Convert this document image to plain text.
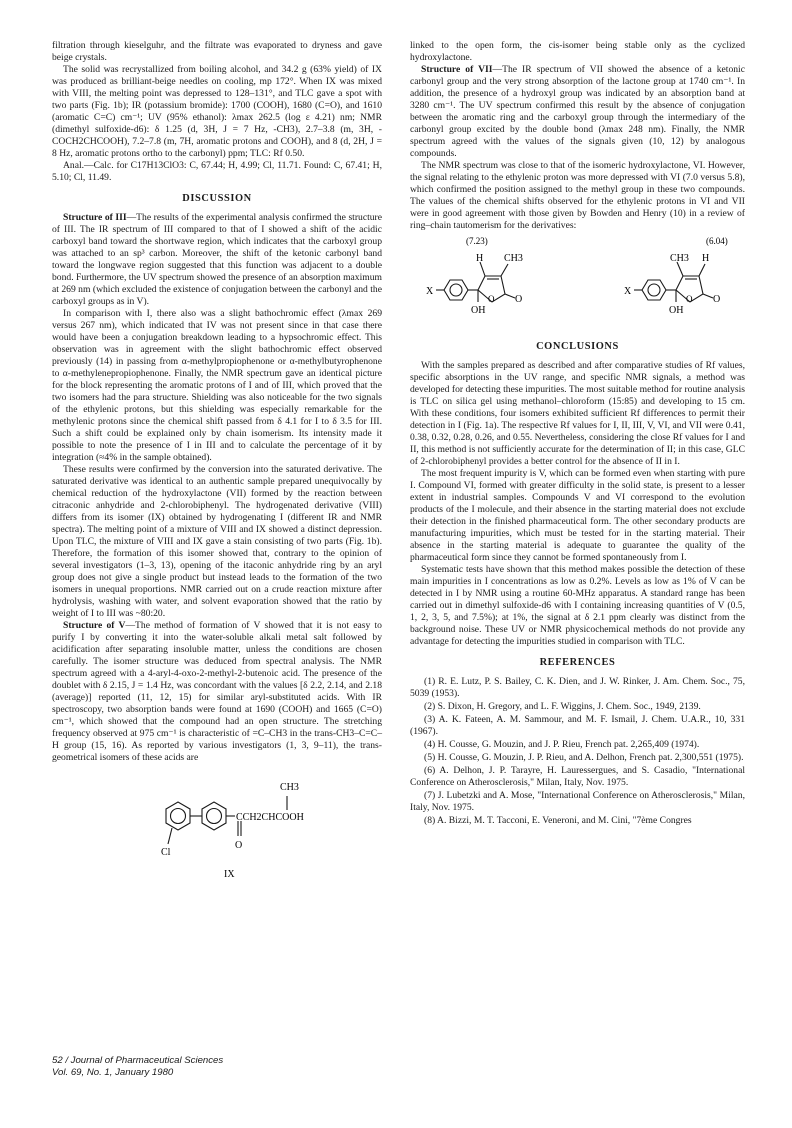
filtration through kieselguhr, and the filtrate was evaporated to dryness and gave beige crystals.

The solid was recrystallized from boiling alcohol, and 34.2 g (63% yield) of IX was produced as brilliant-beige needles on cooling, mp 172°. When IX was mixed with VIII, the melting point was depressed to 128–131°, and TLC gave a spot with two parts (Fig. 1b); IR (potassium bromide): 1700 (COOH), 1680 (C=O), and 1610 (aromatic C=C) cm⁻¹; UV (95% ethanol): λmax 262.5 (log ε 4.21) nm; NMR (dimethyl sulfoxide-d6): δ 1.25 (d, 3H, J = 7 Hz, -CH3), 2.7–3.8 (m, 3H, -COCH2CHCOOH), 7.2–7.8 (m, 7H, aromatic protons and COOH), and 8 (d, 2H, J = 8 Hz, aromatic protons ortho to the carbonyl) ppm; TLC: Rf 0.50.

Anal.—Calc. for C17H13ClO3: C, 67.44; H, 4.99; Cl, 11.71. Found: C, 67.41; H, 5.10; Cl, 11.49.

DISCUSSION

Structure of III—The results of the experimental analysis confirmed the structure of III. The IR spectrum of III compared to that of I showed a shift of the acidic carboxyl band toward the shortwave region, which indicates that the carboxyl group was attached to an sp³ carbon. Moreover, the shift of the ketonic carbonyl band toward the longwave region suggested that this function was adjacent to a double bond. Furthermore, the UV spectrum showed the presence of an absorption maximum at 269 nm (which excluded the existence of conjugation between the carbonyl and the carboxyl groups as in V).

In comparison with I, there also was a slight bathochromic effect (λmax 269 versus 267 nm), which indicated that IV was not present since in that case there would have been a conjugation breakdown leading to a hypsochromic effect. This observation was in agreement with the slight bathochromic effect observed previously (14) in passing from α-methylpropiophenone or α-methylbutyrophenone to α-methylenepropiophenone. Finally, the NMR spectrum gave an identical picture for the block representing the aromatic protons of I and of III, which proved that the two isomers had the para structure. Shielding was also noticeable for the two signals of the ethylenic protons, but this shielding was especially remarkable for the methylenic protons since the chemical shift passed from δ 4.1 for I to δ 3.5 for III. Such a shift could be explained only by chain isomerism. Its intensity made it possible to note the presence of I in III and to calculate the percentage of it by integration (≈4% in the sample obtained).

These results were confirmed by the conversion into the saturated derivative. The saturated derivative was identical to an authentic sample prepared unequivocally by chemical reduction of the hydroxylactone (VII) formed by the reaction between citraconic anhydride and 2-chlorobiphenyl. The hydrogenated derivative (VIII) differs from its isomer (IX) obtained by hydrogenating I (different IR and NMR spectra). The melting point of a mixture of VIII and IX showed a distinct depression. Upon TLC, the mixture of VIII and IX gave a stain consisting of two parts (Fig. 1b). Therefore, the formation of this isomer showed that, contrary to the opinion of several investigators (1–3, 13), opening of the itaconic anhydride ring by an aryl group does not give a single product but instead leads to the formation of the two isomers in unequal proportions. NMR carried out on a crude reaction mixture after hydrolysis, washing with water, and solvent evaporation showed that the ratio by weight of I to III was ~80:20.

Structure of V—The method of formation of V showed that it is not easy to purify I by converting it into the water-soluble alkali metal salt followed by acidification after separating insoluble matter, unless the conditions are chosen carefully. The isomer structure was deduced from spectral analysis. The NMR spectrum agreed with a 4-aryl-4-oxo-2-methyl-2-butenoic acid. The presence of the doublet with δ 2.15, J = 1.4 Hz, was concordant with the values [δ 2.2, 2.14, and 2.18 (average)] reported (11, 12, 15) for similar aryl-substituted acids. With IR spectroscopy, two absorption bands were found at 1690 (COOH) and 1665 (C=O) cm⁻¹, which showed that the compound had an open structure. The stretching frequency observed at 975 cm⁻¹ is characteristic of =C–CH3 in the trans-CH3–C=C–H group (15, 16). As reported by various investigators (1, 3, 9–11), the trans-geometrical isomers of these acids are

CH3
CCH2CHCOOH
O
Cl
IX

linked to the open form, the cis-isomer being stable only as the cyclized hydroxylactone.

Structure of VII—The IR spectrum of VII showed the absence of a ketonic carbonyl group and the very strong absorption of the lactone group at 1740 cm⁻¹. In addition, the presence of a hydroxyl group was indicated by an absorption band at 3280 cm⁻¹. The UV spectrum confirmed this result by the absence of conjugation between the aromatic ring and the carboxyl group through the intermediary of the carbonyl group excited by the double bond (λmax 248 nm). Finally, the NMR spectrum agreed with the values of the signals given (10, 12) by analogous compounds.

The NMR spectrum was close to that of the isomeric hydroxylactone, VI. However, the signal relating to the ethylenic proton was more depressed with VI (7.0 versus 5.8), which confirmed the position assigned to the methyl group in these two compounds. The values of the chemical shifts observed for the ethylenic protons in VI and VII were in good agreement with those given by Bowden and Henry (10) in a review of ring–chain tautomerism for the derivatives:

(7.23)	(6.04)
H CH3	CH3 H
X	X
O	O
O	O
OH	OH
CONCLUSIONS

With the samples prepared as described and after comparative studies of Rf values, specific absorptions in the UV range, and specific NMR signals, a method was developed for detecting these impurities. The most suitable method for routine analysis is TLC on silica gel using methanol–chloroform (15:85) and developing to 15 cm. With these conditions, four isomers exhibited sufficient Rf differences to permit their detection in I (Fig. 1a). The respective Rf values for I, II, III, V, VI, and VII were 0.41, 0.38, 0.32, 0.28, 0.26, and 0.55. Nevertheless, considering the close Rf values for I and II, this method is not sufficiently accurate for the determination of II; in this case, GLC of 2-chlorobiphenyl provides a better control for the absence of II in I.

The most frequent impurity is V, which can be formed even when starting with pure I. Compound VI, formed with greater difficulty in the solid state, is present to a lesser extent in industrial samples. Compounds V and VI correspond to the evolution products of the I molecule, and their absence in the starting material does not exclude their detection in the finished pharmaceutical form. The other secondary products are manufacturing impurities, which must be tested for in the starting material. Their absence in the starting material is adequate to guarantee the quality of the pharmaceutical form since they cannot be formed spontaneously from I.

Systematic tests have shown that this method makes possible the detection of these main impurities in I concentrations as low as 0.2%. Levels as low as 1% of V can be detected in I by NMR using a routine 60-MHz apparatus. A standard range has been carried out in dimethyl sulfoxide-d6 with I containing increasing quantities of V (0.5, 1, 2, 3, 5, and 7.5%); at 1%, the signal at δ 2.1 ppm clearly was distinct from the background noise. These UV or NMR physicochemical methods do not provide any advantage for detecting the impurities studied in comparison with TLC.

REFERENCES

(1) R. E. Lutz, P. S. Bailey, C. K. Dien, and J. W. Rinker, J. Am. Chem. Soc., 75, 5039 (1953).

(2) S. Dixon, H. Gregory, and L. F. Wiggins, J. Chem. Soc., 1949, 2139.

(3) A. K. Fateen, A. M. Sammour, and M. F. Ismail, J. Chem. U.A.R., 10, 331 (1967).

(4) H. Cousse, G. Mouzin, and J. P. Rieu, French pat. 2,265,409 (1974).

(5) H. Cousse, G. Mouzin, J. P. Rieu, and A. Delhon, French pat. 2,300,551 (1975).

(6) A. Delhon, J. P. Tarayre, H. Lauressergues, and S. Casadio, "International Conference on Atherosclerosis," Milan, Italy, Nov. 1975.

(7) J. Lubetzki and A. Mose, "International Conference on Atherosclerosis," Milan, Italy, Nov. 1975.

(8) A. Bizzi, M. T. Tacconi, E. Veneroni, and M. Cini, "7ème Congres

52 / Journal of Pharmaceutical Sciences
Vol. 69, No. 1, January 1980
